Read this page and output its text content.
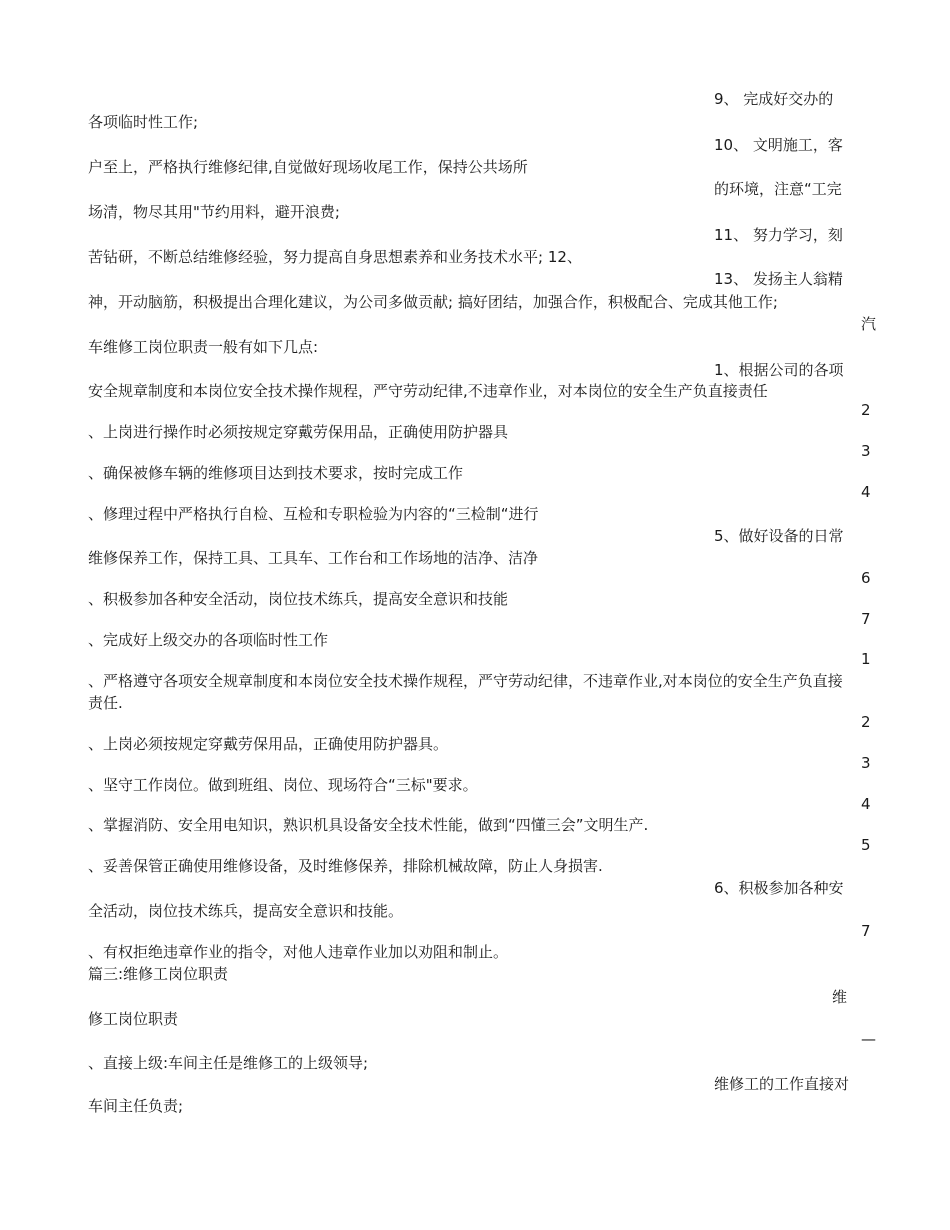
9、 完成好交办的
各项临时性工作;
10、 文明施工，客
户至上，严格执行维修纪律,自觉做好现场收尾工作，保持公共场所
的环境，注意“工完
场清，物尽其用"节约用料，避开浪费;
11、 努力学习，刻
苦钻研，不断总结维修经验，努力提高自身思想素养和业务技术水平; 12、
13、 发扬主人翁精
神，开动脑筋，积极提出合理化建议，为公司多做贡献; 搞好团结，加强合作，积极配合、完成其他工作;
汽
车维修工岗位职责一般有如下几点:
1、根据公司的各项
安全规章制度和本岗位安全技术操作规程，严守劳动纪律,不违章作业，对本岗位的安全生产负直接责任
2
、上岗进行操作时必须按规定穿戴劳保用品，正确使用防护器具
3
、确保被修车辆的维修项目达到技术要求，按时完成工作
4
、修理过程中严格执行自检、互检和专职检验为内容的“三检制“进行
5、做好设备的日常
维修保养工作，保持工具、工具车、工作台和工作场地的洁净、洁净
6
、积极参加各种安全活动，岗位技术练兵，提高安全意识和技能
7
、完成好上级交办的各项临时性工作
1
、严格遵守各项安全规章制度和本岗位安全技术操作规程，严守劳动纪律，不违章作业,对本岗位的安全生产负直接责任.
2
、上岗必须按规定穿戴劳保用品，正确使用防护器具。
3
、坚守工作岗位。做到班组、岗位、现场符合“三标"要求。
4
、掌握消防、安全用电知识，熟识机具设备安全技术性能，做到“四懂三会”文明生产.
5
、妥善保管正确使用维修设备，及时维修保养，排除机械故障，防止人身损害.
6、积极参加各种安
全活动，岗位技术练兵，提高安全意识和技能。
7
、有权拒绝违章作业的指令，对他人违章作业加以劝阻和制止。
篇三:维修工岗位职责
维
修工岗位职责
—
、直接上级:车间主任是维修工的上级领导;
维修工的工作直接对
车间主任负责;
